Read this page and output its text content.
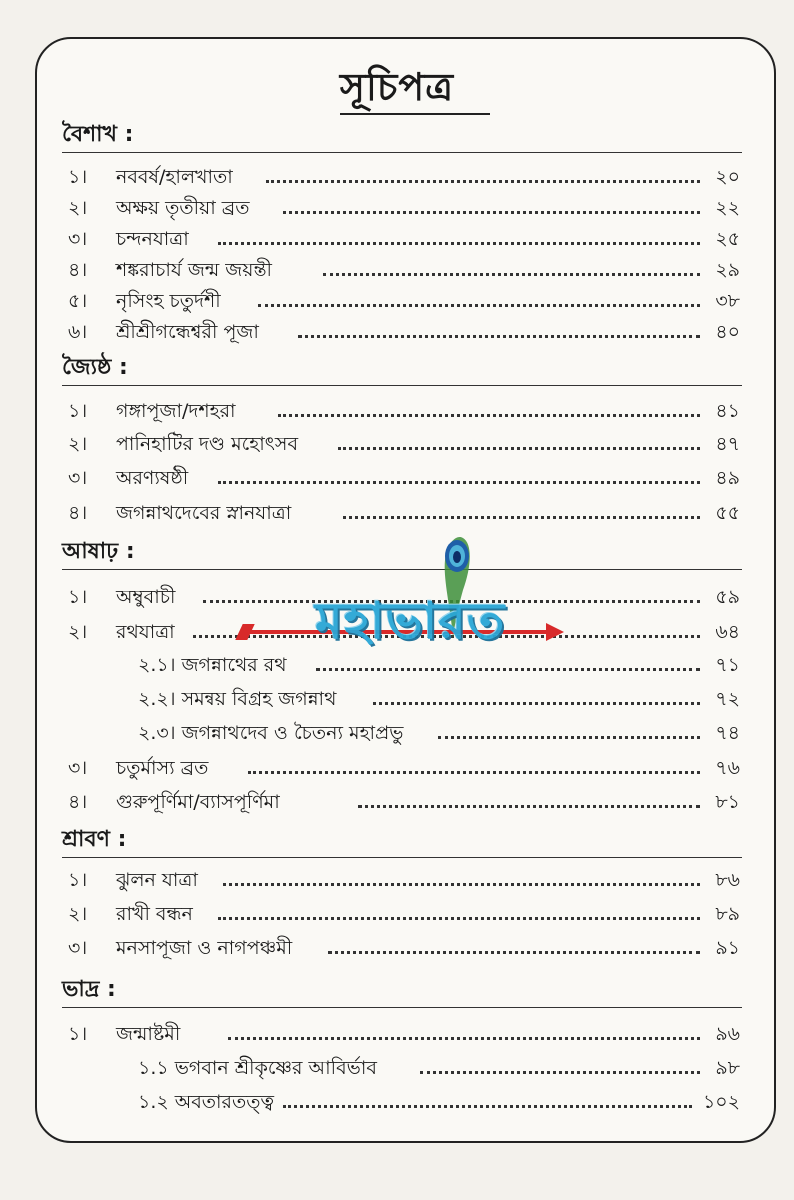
সূচিপত্র
বৈশাখ :
১।	নববর্ষ/হালখাতা	২০
২।	অক্ষয় তৃতীয়া ব্রত	২২
৩।	চন্দনযাত্রা	২৫
৪।	শঙ্করাচার্য জন্ম জয়ন্তী	২৯
৫।	নৃসিংহ চতুর্দশী	৩৮
৬।	শ্রীশ্রীগন্ধেশ্বরী পূজা	৪০
জ্যৈষ্ঠ :
১।	গঙ্গাপূজা/দশহরা	৪১
২।	পানিহাটির দণ্ড মহোৎসব	৪৭
৩।	অরণ্যষষ্ঠী	৪৯
৪।	জগন্নাথদেবের স্নানযাত্রা	৫৫
আষাঢ় :
১।	অম্বুবাচী	৫৯
২।	রথযাত্রা	৬৪
২.১। জগন্নাথের রথ	৭১
২.২। সমন্বয় বিগ্রহ জগন্নাথ	৭২
২.৩। জগন্নাথদেব ও চৈতন্য মহাপ্রভু	৭৪
৩।	চতুর্মাস্য ব্রত	৭৬
৪।	গুরুপূর্ণিমা/ব্যাসপূর্ণিমা	৮১
শ্রাবণ :
১।	ঝুলন যাত্রা	৮৬
২।	রাখী বন্ধন	৮৯
৩।	মনসাপূজা ও নাগপঞ্চমী	৯১
ভাদ্র :
১।	জন্মাষ্টমী	৯৬
১.১ ভগবান শ্রীকৃষ্ণের আবির্ভাব	৯৮
১.২ অবতারতত্ত্ব	১০২
মহাভারত
